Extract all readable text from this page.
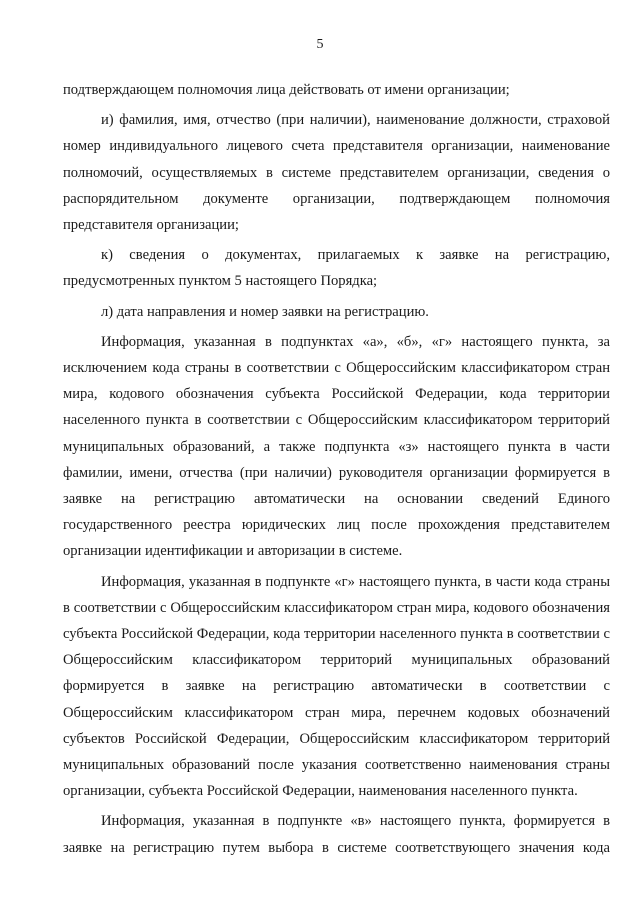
5

подтверждающем полномочия лица действовать от имени организации;

и) фамилия, имя, отчество (при наличии), наименование должности, страховой номер индивидуального лицевого счета представителя организации, наименование полномочий, осуществляемых в системе представителем организации, сведения о распорядительном документе организации, подтверждающем полномочия представителя организации;

к) сведения о документах, прилагаемых к заявке на регистрацию, предусмотренных пунктом 5 настоящего Порядка;

л) дата направления и номер заявки на регистрацию.

Информация, указанная в подпунктах «а», «б», «г» настоящего пункта, за исключением кода страны в соответствии с Общероссийским классификатором стран мира, кодового обозначения субъекта Российской Федерации, кода территории населенного пункта в соответствии с Общероссийским классификатором территорий муниципальных образований, а также подпункта «з» настоящего пункта в части фамилии, имени, отчества (при наличии) руководителя организации формируется в заявке на регистрацию автоматически на основании сведений Единого государственного реестра юридических лиц после прохождения представителем организации идентификации и авторизации в системе.

Информация, указанная в подпункте «г» настоящего пункта, в части кода страны в соответствии с Общероссийским классификатором стран мира, кодового обозначения субъекта Российской Федерации, кода территории населенного пункта в соответствии с Общероссийским классификатором территорий муниципальных образований формируется в заявке на регистрацию автоматически в соответствии с Общероссийским классификатором стран мира, перечнем кодовых обозначений субъектов Российской Федерации, Общероссийским классификатором территорий муниципальных образований после указания соответственно наименования страны организации, субъекта Российской Федерации, наименования населенного пункта.

Информация, указанная в подпункте «в» настоящего пункта, формируется в заявке на регистрацию путем выбора в системе соответствующего значения кода
